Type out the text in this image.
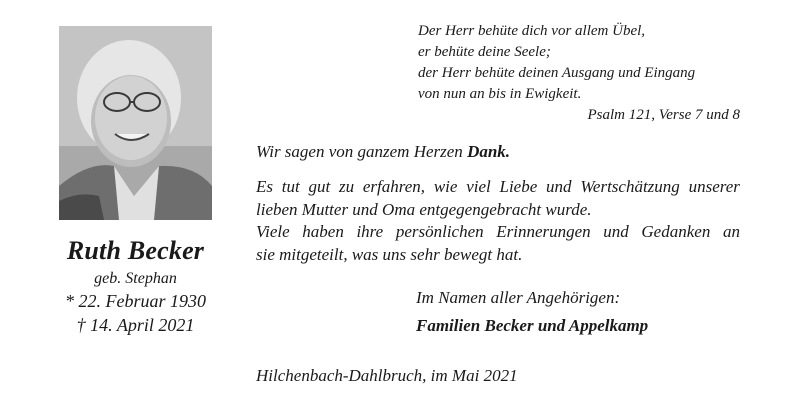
Ruth Becker
geb. Stephan
* 22. Februar 1930
† 14. April 2021
Der Herr behüte dich vor allem Übel,
er behüte deine Seele;
der Herr behüte deinen Ausgang und Eingang
von nun an bis in Ewigkeit.
Psalm 121, Verse 7 und 8
Wir sagen von ganzem Herzen Dank.
Es tut gut zu erfahren, wie viel Liebe und Wertschätzung unserer
lieben Mutter und Oma entgegengebracht wurde.
Viele haben ihre persönlichen Erinnerungen und Gedanken an
sie mitgeteilt, was uns sehr bewegt hat.
Im Namen aller Angehörigen:
Familien Becker und Appelkamp
Hilchenbach-Dahlbruch, im Mai 2021
